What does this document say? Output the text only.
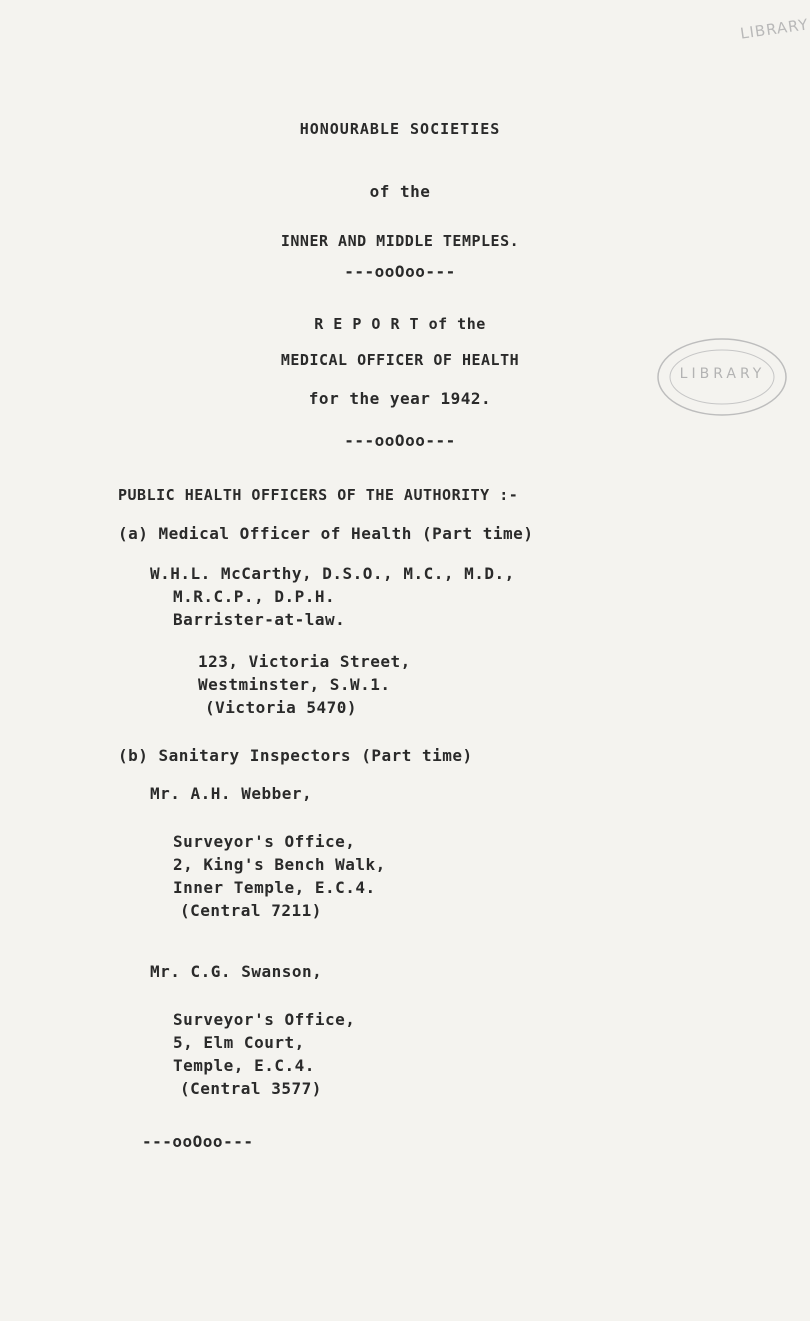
LIBRARY
HONOURABLE SOCIETIES
of the
INNER AND MIDDLE TEMPLES.
---ooOoo---
R E P O R T of the
MEDICAL OFFICER OF HEALTH
for the year 1942.
---ooOoo---
LIBRARY
PUBLIC HEALTH OFFICERS OF THE AUTHORITY :-
(a) Medical Officer of Health (Part time)
W.H.L. McCarthy, D.S.O., M.C., M.D.,
M.R.C.P., D.P.H.
Barrister-at-law.
123, Victoria Street,
Westminster, S.W.1.
(Victoria 5470)
(b) Sanitary Inspectors (Part time)
Mr. A.H. Webber,
Surveyor's Office,
2, King's Bench Walk,
Inner Temple, E.C.4.
(Central 7211)
Mr. C.G. Swanson,
Surveyor's Office,
5, Elm Court,
Temple, E.C.4.
(Central 3577)
---ooOoo---
